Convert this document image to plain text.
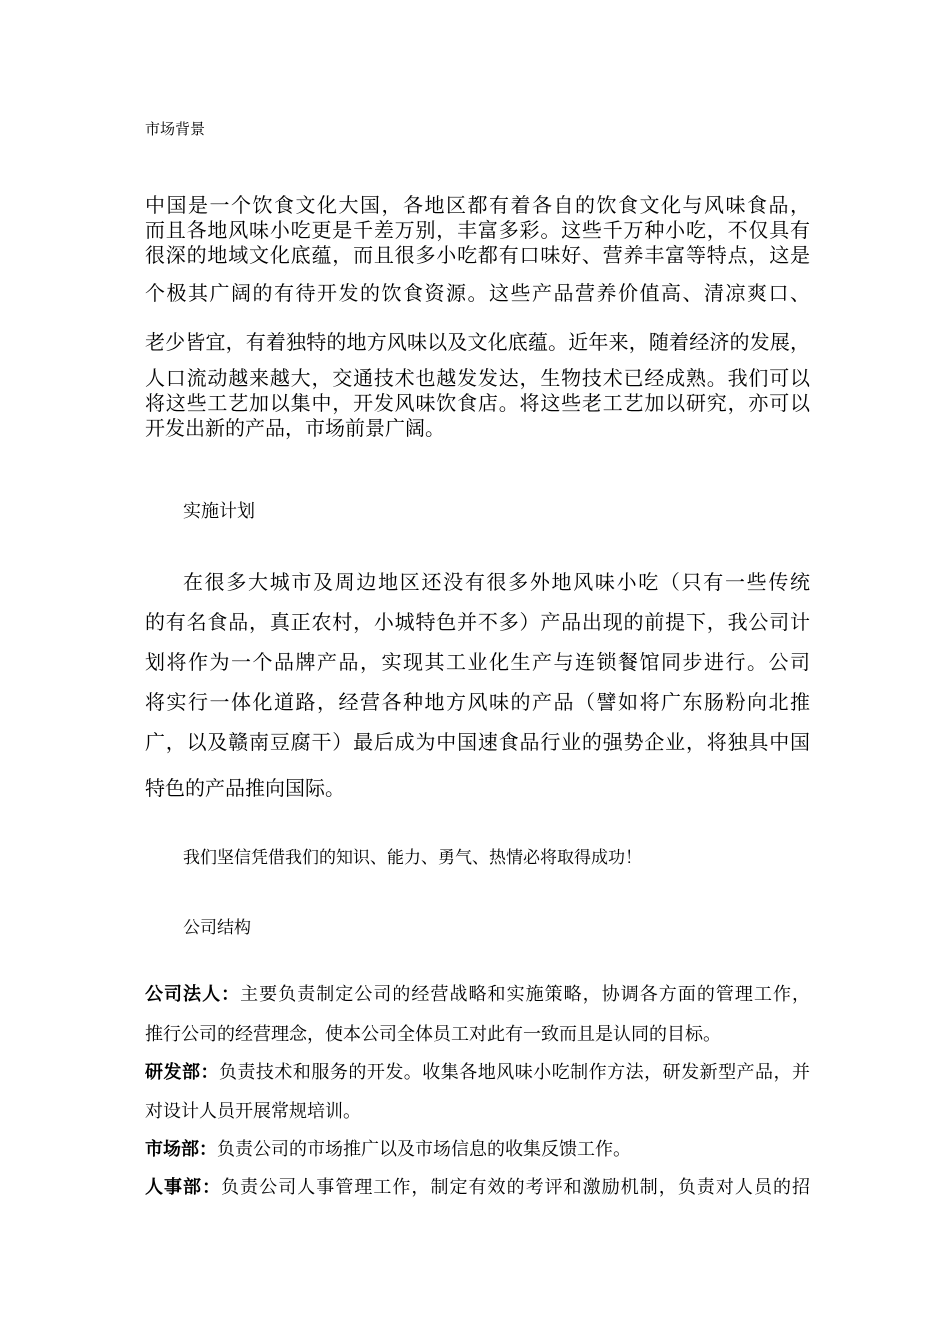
市场背景
中国是一个饮食文化大国，各地区都有着各自的饮食文化与风味食品，
而且各地风味小吃更是千差万别，丰富多彩。这些千万种小吃，不仅具有
很深的地域文化底蕴，而且很多小吃都有口味好、营养丰富等特点，这是
个极其广阔的有待开发的饮食资源。这些产品营养价值高、清凉爽口、
老少皆宜，有着独特的地方风味以及文化底蕴。近年来，随着经济的发展，
人口流动越来越大，交通技术也越发发达，生物技术已经成熟。我们可以
将这些工艺加以集中，开发风味饮食店。将这些老工艺加以研究，亦可以
开发出新的产品，市场前景广阔。
实施计划
在很多大城市及周边地区还没有很多外地风味小吃（只有一些传统
的有名食品，真正农村，小城特色并不多）产品出现的前提下，我公司计
划将作为一个品牌产品，实现其工业化生产与连锁餐馆同步进行。公司
将实行一体化道路，经营各种地方风味的产品（譬如将广东肠粉向北推
广，以及赣南豆腐干）最后成为中国速食品行业的强势企业，将独具中国
特色的产品推向国际。
我们坚信凭借我们的知识、能力、勇气、热情必将取得成功！
公司结构
公司法人：主要负责制定公司的经营战略和实施策略，协调各方面的管理工作，
推行公司的经营理念，使本公司全体员工对此有一致而且是认同的目标。
研发部：负责技术和服务的开发。收集各地风味小吃制作方法，研发新型产品，并
对设计人员开展常规培训。
市场部：负责公司的市场推广以及市场信息的收集反馈工作。
人事部：负责公司人事管理工作，制定有效的考评和激励机制，负责对人员的招
